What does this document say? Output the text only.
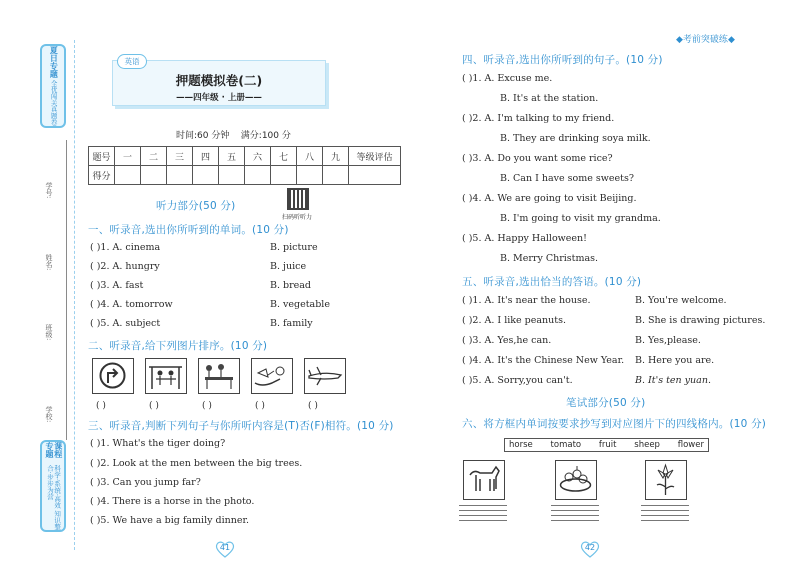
◆考前突破练◆
夏日专题
全优闯关真题卷
学号:
姓名:
班级:
学校:
课程专题
科学·系统·高效 知识整合·步步为营
押题模拟卷(二)
——四年级 · 上册——
英语
时间:60 分钟    满分:100 分
题号	一	二	三	四	五	六	七	八	九	等级评估
得分										
扫码听听力
听力部分(50 分)
一、听录音,选出你所听到的单词。(10 分)
( )1. A. cinema	B. picture
( )2. A. hungry	B. juice
( )3. A. fast	B. bread
( )4. A. tomorrow	B. vegetable
( )5. A. subject	B. family
二、听录音,给下列图片排序。(10 分)
( )	( )	( )	( )	( )
三、听录音,判断下列句子与你所听内容是(T)否(F)相符。(10 分)
( )1. What's the tiger doing?
( )2. Look at the men between the big trees.
( )3. Can you jump far?
( )4. There is a horse in the photo.
( )5. We have a big family dinner.
41
四、听录音,选出你所听到的句子。(10 分)
( )1. A. Excuse me.
B. It's at the station.
( )2. A. I'm talking to my friend.
B. They are drinking soya milk.
( )3. A. Do you want some rice?
B. Can I have some sweets?
( )4. A. We are going to visit Beijing.
B. I'm going to visit my grandma.
( )5. A. Happy Halloween!
B. Merry Christmas.
五、听录音,选出恰当的答语。(10 分)
( )1. A. It's near the house.	B. You're welcome.
( )2. A. I like peanuts.	B. She is drawing pictures.
( )3. A. Yes,he can.	B. Yes,please.
( )4. A. It's the Chinese New Year. B. Here you are.
( )5. A. Sorry,you can't.	B. It's ten yuan.
笔试部分(50 分)
六、将方框内单词按要求抄写到对应图片下的四线格内。(10 分)
horse tomato fruit sheep flower
42
